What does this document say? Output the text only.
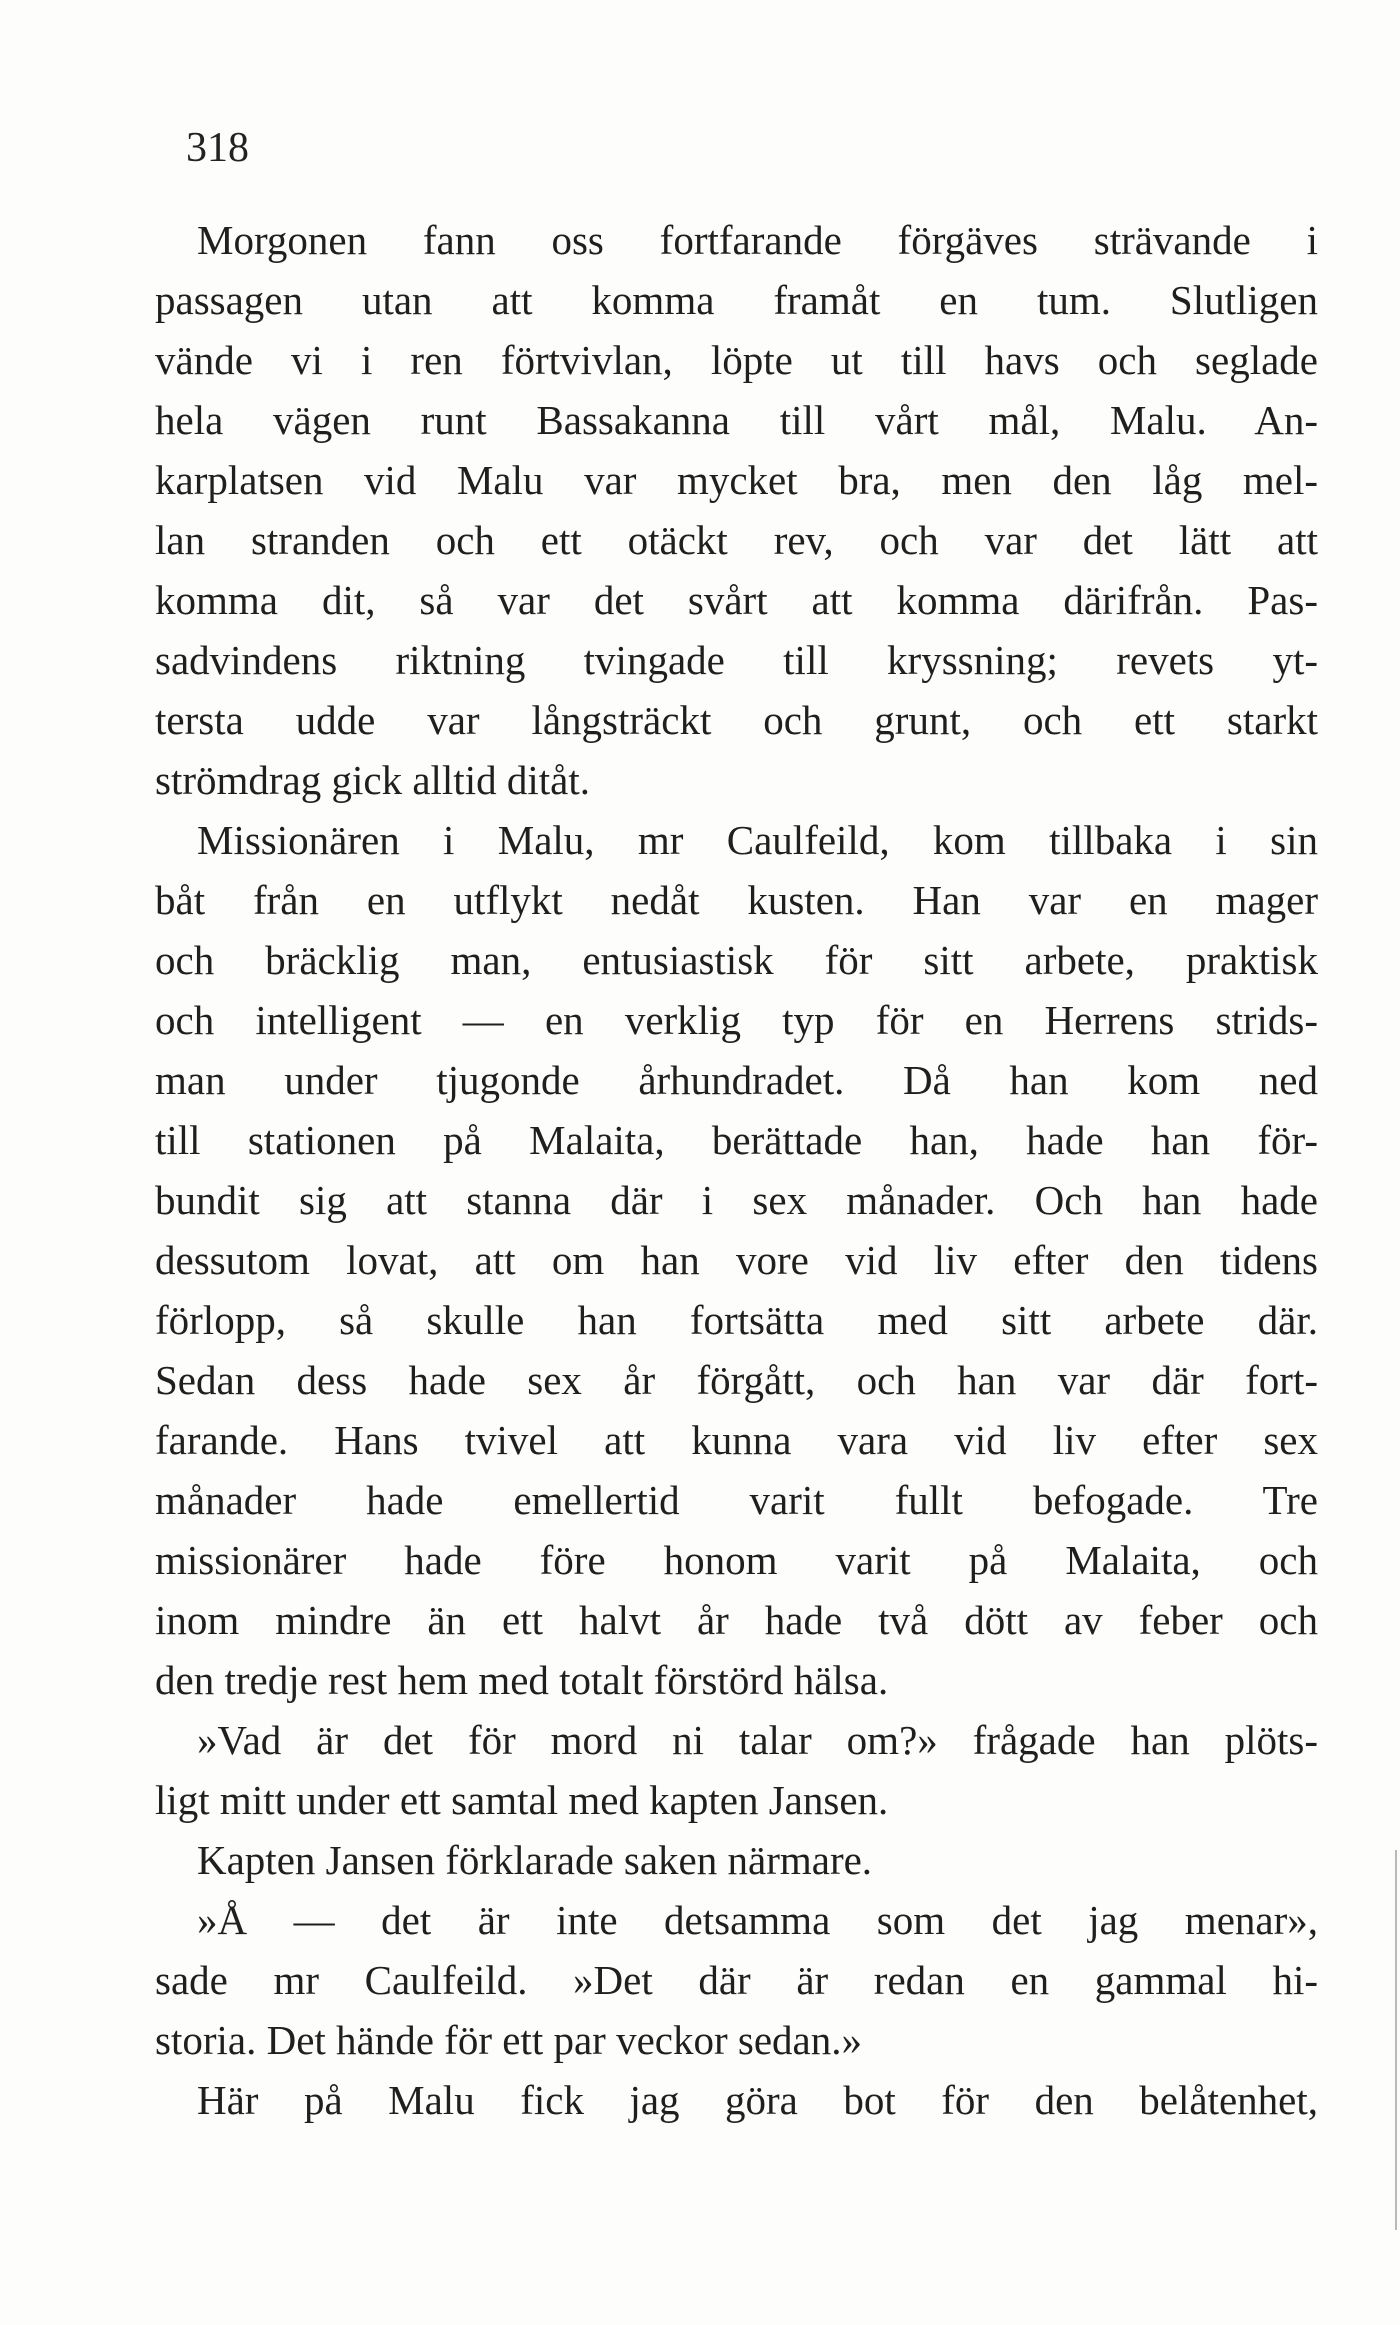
318
Morgonen fann oss fortfarande förgäves strävande i
passagen utan att komma framåt en tum. Slutligen
vände vi i ren förtvivlan, löpte ut till havs och seglade
hela vägen runt Bassakanna till vårt mål, Malu. An-
karplatsen vid Malu var mycket bra, men den låg mel-
lan stranden och ett otäckt rev, och var det lätt att
komma dit, så var det svårt att komma därifrån. Pas-
sadvindens riktning tvingade till kryssning; revets yt-
tersta udde var långsträckt och grunt, och ett starkt
strömdrag gick alltid ditåt.
Missionären i Malu, mr Caulfeild, kom tillbaka i sin
båt från en utflykt nedåt kusten. Han var en mager
och bräcklig man, entusiastisk för sitt arbete, praktisk
och intelligent — en verklig typ för en Herrens strids-
man under tjugonde århundradet. Då han kom ned
till stationen på Malaita, berättade han, hade han för-
bundit sig att stanna där i sex månader. Och han hade
dessutom lovat, att om han vore vid liv efter den tidens
förlopp, så skulle han fortsätta med sitt arbete där.
Sedan dess hade sex år förgått, och han var där fort-
farande. Hans tvivel att kunna vara vid liv efter sex
månader hade emellertid varit fullt befogade. Tre
missionärer hade före honom varit på Malaita, och
inom mindre än ett halvt år hade två dött av feber och
den tredje rest hem med totalt förstörd hälsa.
»Vad är det för mord ni talar om?» frågade han plöts-
ligt mitt under ett samtal med kapten Jansen.
Kapten Jansen förklarade saken närmare.
»Å — det är inte detsamma som det jag menar»,
sade mr Caulfeild. »Det där är redan en gammal hi-
storia. Det hände för ett par veckor sedan.»
Här på Malu fick jag göra bot för den belåtenhet,
